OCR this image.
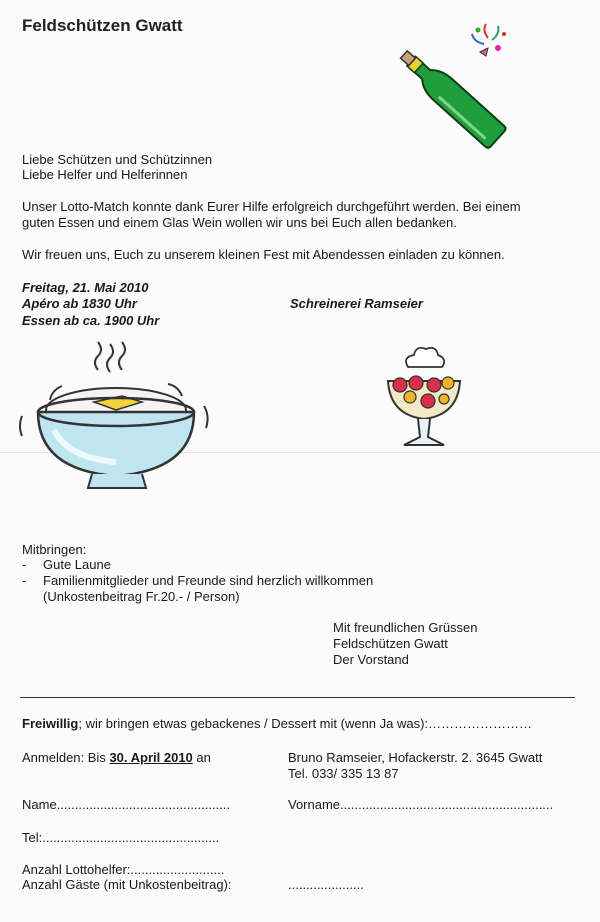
Feldschützen Gwatt
Liebe Schützen und Schützinnen
Liebe Helfer und Helferinnen
Unser Lotto-Match konnte dank Eurer Hilfe erfolgreich durchgeführt werden. Bei einem
guten Essen und einem Glas Wein wollen wir uns bei Euch allen bedanken.
Wir freuen uns, Euch zu unserem kleinen Fest mit Abendessen einladen zu können.
Freitag, 21. Mai 2010
Apéro ab 1830 Uhr
Essen ab ca. 1900 Uhr
Schreinerei Ramseier
Mitbringen:
- Gute Laune
- Familienmitglieder und Freunde sind herzlich willkommen
(Unkostenbeitrag Fr.20.- / Person)
Mit freundlichen Grüssen
Feldschützen Gwatt
Der Vorstand
Freiwillig; wir bringen etwas gebackenes / Dessert mit (wenn Ja was):……………………
Anmelden: Bis 30. April 2010 an	Bruno Ramseier, Hofackerstr. 2. 3645 Gwatt
Tel. 033/ 335 13 87
Name................................................	Vorname...........................................................
Tel:.................................................
Anzahl Lottohelfer:..........................
Anzahl Gäste (mit Unkostenbeitrag):	.....................
